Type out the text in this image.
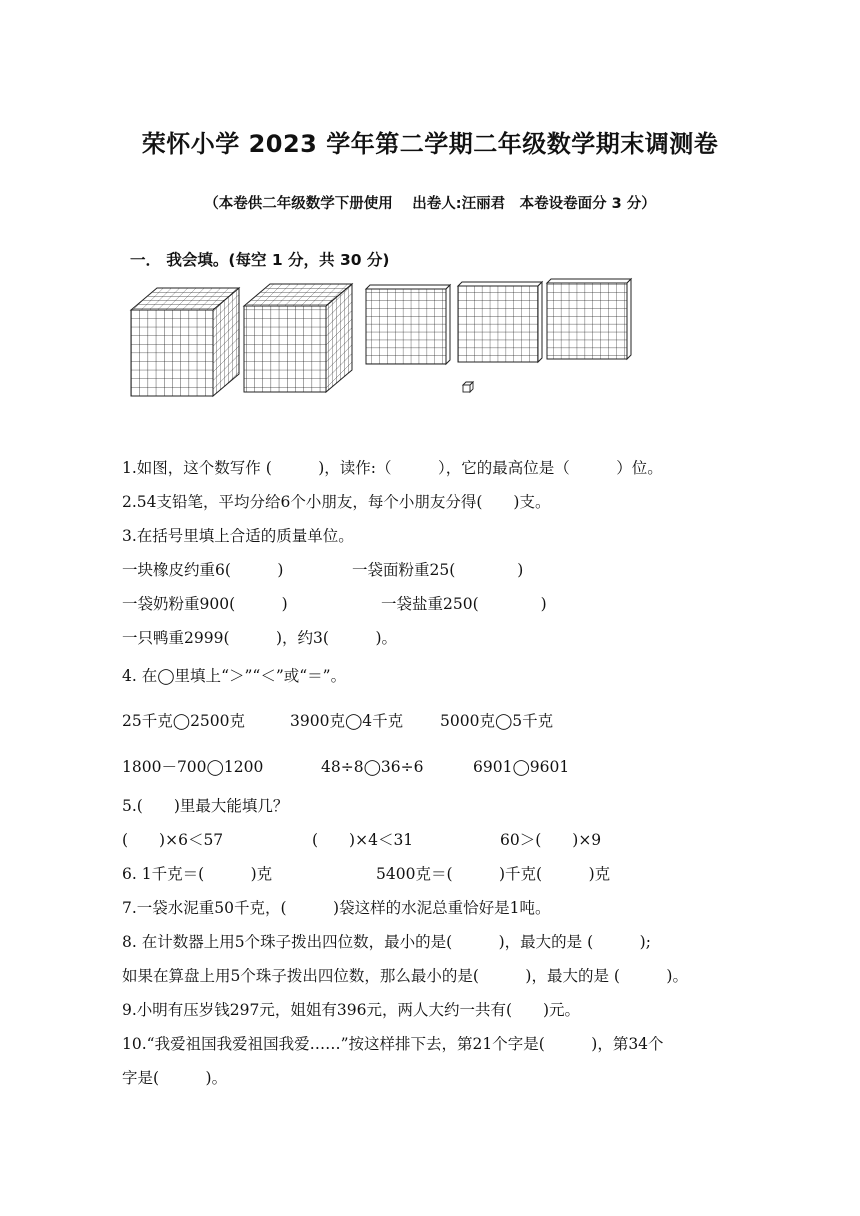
荣怀小学 2023 学年第二学期二年级数学期末调测卷
（本卷供二年级数学下册使用　 出卷人:汪丽君　本卷设卷面分 3 分）
一． 我会填。(每空 1 分，共 30 分)
1.如图，这个数写作 (　　　)，读作:（　　　），它的最高位是（　　　）位。
2.54支铅笔，平均分给6个小朋友，每个小朋友分得(　　)支。
3.在括号里填上合适的质量单位。
一块橡皮约重6(　　　)	一袋面粉重25(　　　　)
一袋奶粉重900(　　　)	一袋盐重250(　　　　)
一只鸭重2999(　　　)，约3(　　　)。
4. 在◯里填上“＞”“＜”或“＝”。
25千克◯2500克	3900克◯4千克 5000克◯5千克
1800－700◯1200	48÷8◯36÷6	6901◯9601
5.(　　)里最大能填几？
(　　)×6＜57	(　　)×4＜31	60＞(　　)×9
6. 1千克＝(　　　)克	5400克＝(　　　)千克(　　　)克
7.一袋水泥重50千克，(　　　)袋这样的水泥总重恰好是1吨。
8. 在计数器上用5个珠子拨出四位数，最小的是(　　　)，最大的是 (　　　);
如果在算盘上用5个珠子拨出四位数，那么最小的是(　　　)，最大的是 (　　　)。
9.小明有压岁钱297元，姐姐有396元，两人大约一共有(　　)元。
10.“我爱祖国我爱祖国我爱……”按这样排下去，第21个字是(　　　)，第34个
字是(　　　)。
